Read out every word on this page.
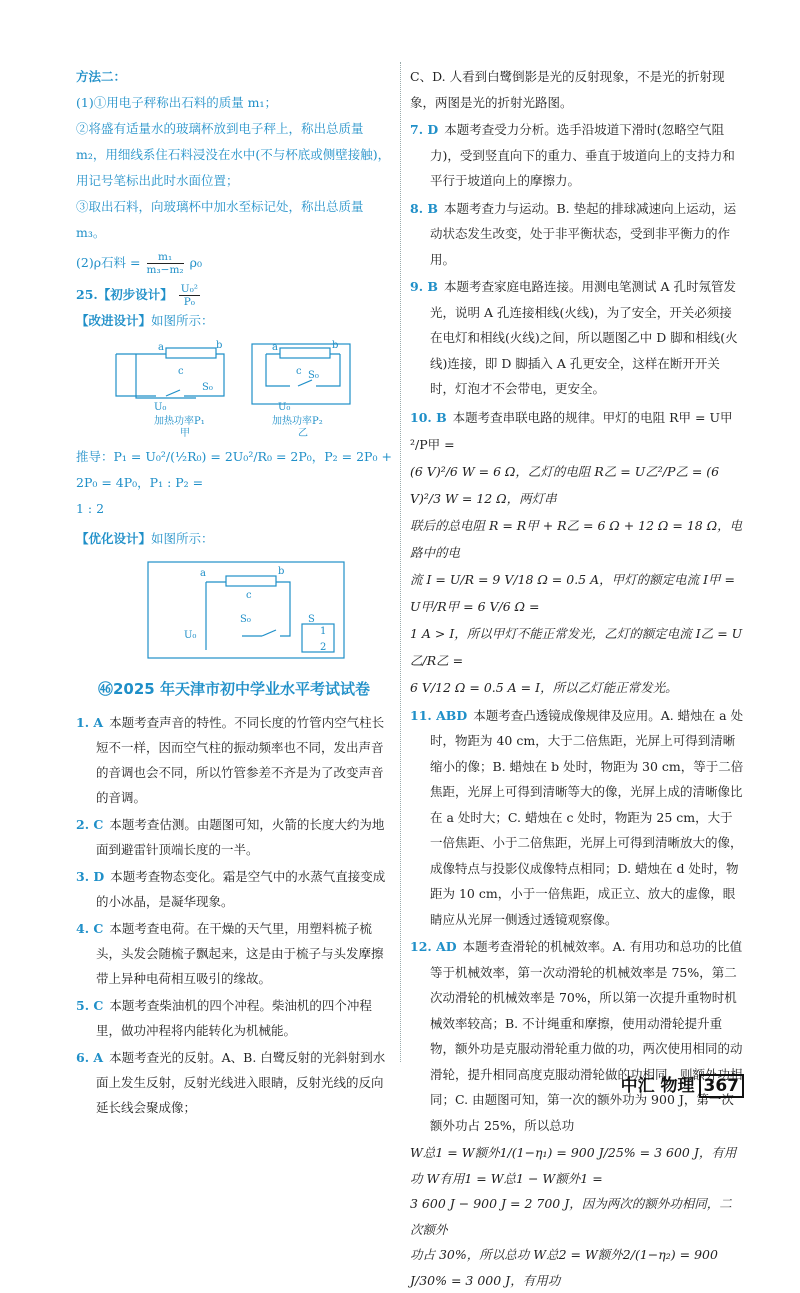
方法二：

(1)①用电子秤称出石料的质量 m₁；

②将盛有适量水的玻璃杯放到电子秤上，称出总质量 m₂，用细线系住石料浸没在水中(不与杯底或侧壁接触)，用记号笔标出此时水面位置；

③取出石料，向玻璃杯中加水至标记处，称出总质量 m₃。

(2)ρ石料 = $\frac{\text{m₁}}{\text{m₃−m₂}} \rho_0$

25.【初步设计】 $\frac{\text{U₀²}}{\text{P₀}}$

【改进设计】如图所示：

a	b
c
S₀
U₀
a	b
c S₀
U₀
加热功率P₁
甲
加热功率P₂
乙

推导：P₁ = U₀²/(½R₀) = 2U₀²/R₀ = 2P₀，P₂ = 2P₀ + 2P₀ = 4P₀，P₁ : P₂ =

1 : 2

【优化设计】如图所示：

a	b
c
S₀	S
1
2
U₀
㊻2025 年天津市初中学业水平考试试卷

1. A 本题考查声音的特性。不同长度的竹管内空气柱长短不一样，因而空气柱的振动频率也不同，发出声音的音调也会不同，所以竹管参差不齐是为了改变声音的音调。

2. C 本题考查估测。由题图可知，火箭的长度大约为地面到避雷针顶端长度的一半。

3. D 本题考查物态变化。霜是空气中的水蒸气直接变成的小冰晶，是凝华现象。

4. C 本题考查电荷。在干燥的天气里，用塑料梳子梳头，头发会随梳子飘起来，这是由于梳子与头发摩擦带上异种电荷相互吸引的缘故。

5. C 本题考查柴油机的四个冲程。柴油机的四个冲程里，做功冲程将内能转化为机械能。

6. A 本题考查光的反射。A、B. 白鹭反射的光斜射到水面上发生反射，反射光线进入眼睛，反射光线的反向延长线会聚成像；

C、D. 人看到白鹭倒影是光的反射现象，不是光的折射现象，两图是光的折射光路图。

7. D 本题考查受力分析。选手沿坡道下滑时(忽略空气阻力)，受到竖直向下的重力、垂直于坡道向上的支持力和平行于坡道向上的摩擦力。

8. B 本题考查力与运动。B. 垫起的排球减速向上运动，运动状态发生改变，处于非平衡状态，受到非平衡力的作用。

9. B 本题考查家庭电路连接。用测电笔测试 A 孔时氖管发光，说明 A 孔连接相线(火线)，为了安全，开关必须接在电灯和相线(火线)之间，所以题图乙中 D 脚和相线(火线)连接，即 D 脚插入 A 孔更安全，这样在断开开关时，灯泡才不会带电，更安全。

10. B 本题考查串联电路的规律。甲灯的电阻 R甲 = U甲²/P甲 =

(6 V)²/6 W = 6 Ω，乙灯的电阻 R乙 = U乙²/P乙 = (6 V)²/3 W = 12 Ω，两灯串

联后的总电阻 R = R甲 + R乙 = 6 Ω + 12 Ω = 18 Ω，电路中的电

流 I = U/R = 9 V/18 Ω = 0.5 A，甲灯的额定电流 I甲 = U甲/R甲 = 6 V/6 Ω =

1 A > I，所以甲灯不能正常发光，乙灯的额定电流 I乙 = U乙/R乙 =

6 V/12 Ω = 0.5 A = I，所以乙灯能正常发光。

11. ABD 本题考查凸透镜成像规律及应用。A. 蜡烛在 a 处时，物距为 40 cm，大于二倍焦距，光屏上可得到清晰缩小的像；B. 蜡烛在 b 处时，物距为 30 cm，等于二倍焦距，光屏上可得到清晰等大的像，光屏上成的清晰像比在 a 处时大；C. 蜡烛在 c 处时，物距为 25 cm，大于一倍焦距、小于二倍焦距，光屏上可得到清晰放大的像，成像特点与投影仪成像特点相同；D. 蜡烛在 d 处时，物距为 10 cm，小于一倍焦距，成正立、放大的虚像，眼睛应从光屏一侧透过透镜观察像。

12. AD 本题考查滑轮的机械效率。A. 有用功和总功的比值等于机械效率，第一次动滑轮的机械效率是 75%，第二次动滑轮的机械效率是 70%，所以第一次提升重物时机械效率较高；B. 不计绳重和摩擦，使用动滑轮提升重物，额外功是克服动滑轮重力做的功，两次使用相同的动滑轮，提升相同高度克服动滑轮做的功相同，则额外功相同；C. 由题图可知，第一次的额外功为 900 J，第一次额外功占 25%，所以总功

W总1 = W额外1/(1−η₁) = 900 J/25% = 3 600 J，有用功 W有用1 = W总1 − W额外1 =

3 600 J − 900 J = 2 700 J，因为两次的额外功相同，二次额外

功占 30%，所以总功 W总2 = W额外2/(1−η₂) = 900 J/30% = 3 000 J，有用功

中汇 物理 367
